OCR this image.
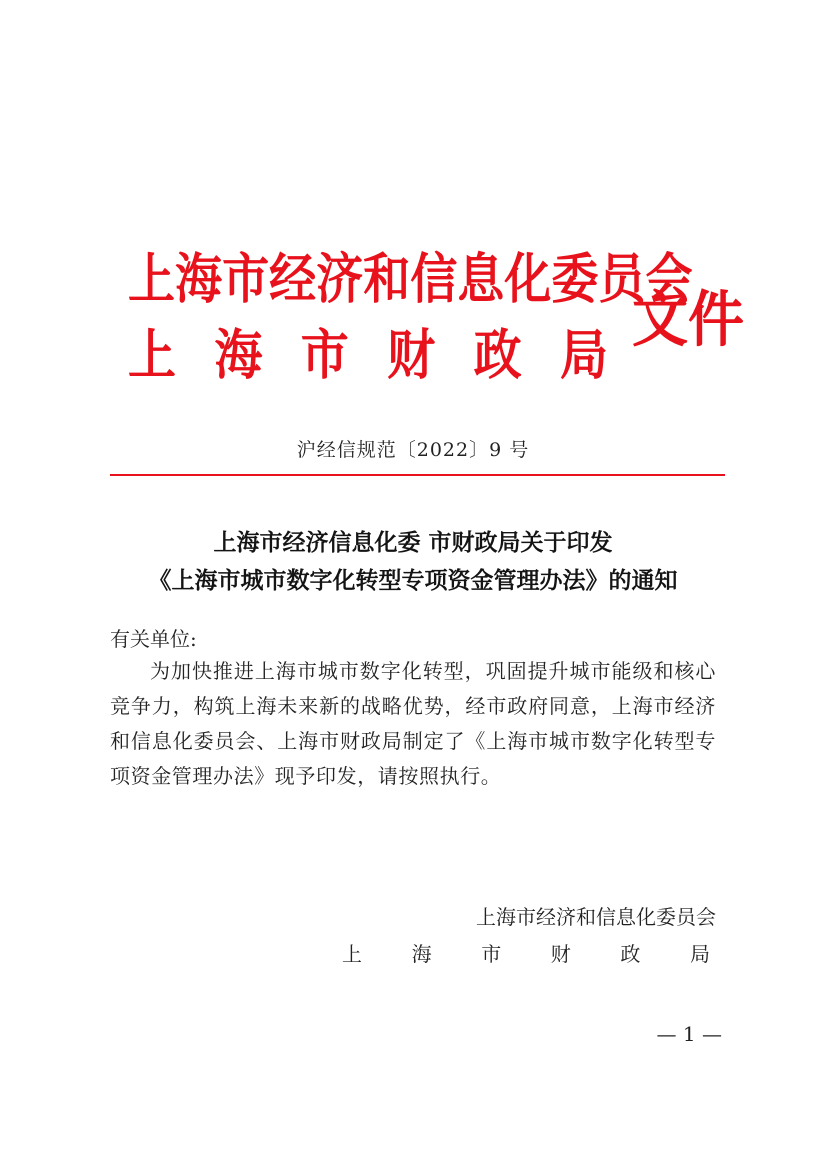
上海市经济和信息化委员会
上 海 市 财 政 局
文件
沪经信规范〔2022〕9 号
上海市经济信息化委 市财政局关于印发
《上海市城市数字化转型专项资金管理办法》的通知
有关单位:
为加快推进上海市城市数字化转型，巩固提升城市能级和核心竞争力，构筑上海未来新的战略优势，经市政府同意，上海市经济和信息化委员会、上海市财政局制定了《上海市城市数字化转型专项资金管理办法》现予印发，请按照执行。
上海市经济和信息化委员会
上 海 市 财 政 局
— 1 —
